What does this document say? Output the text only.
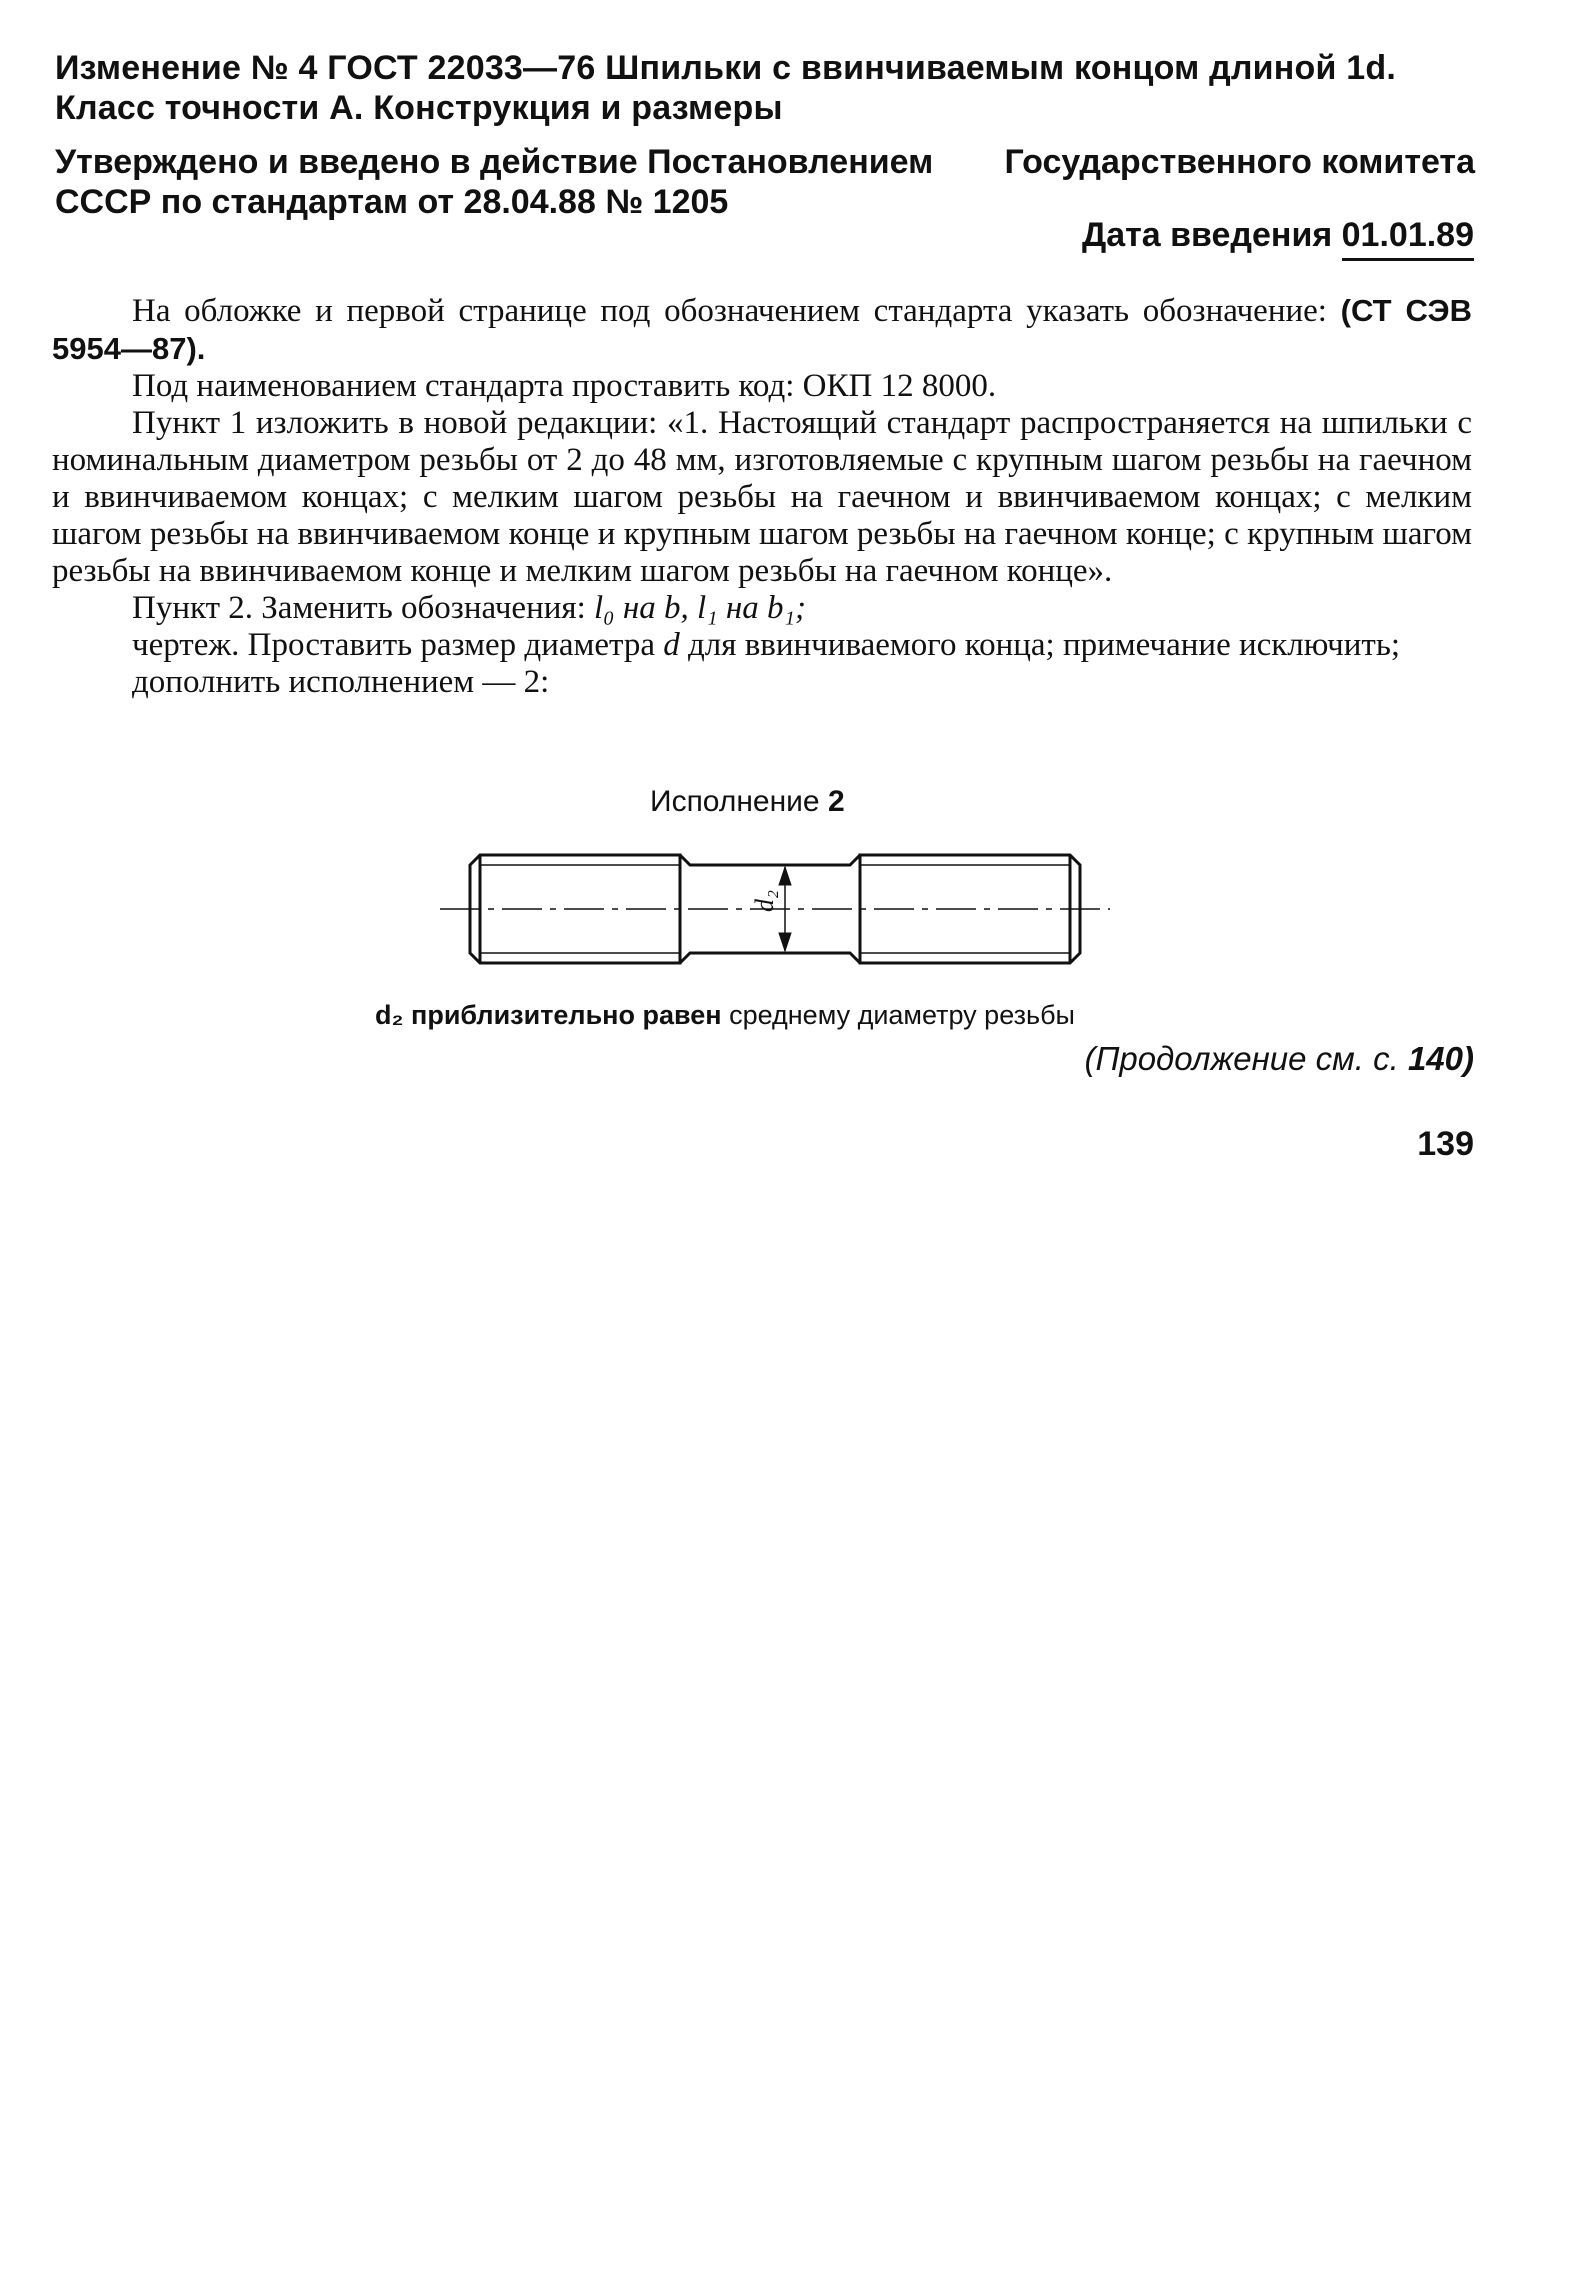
Изменение № 4 ГОСТ 22033—76 Шпильки с ввинчиваемым концом длиной 1d. Класс точности А. Конструкция и размеры
Утверждено и введено в действие Постановлением Государственного комитета
СССР по стандартам от 28.04.88 № 1205
Дата введения 01.01.89

На обложке и первой странице под обозначением стандарта указать обозначение: (СТ СЭВ 5954—87).

Под наименованием стандарта проставить код: ОКП 12 8000.

Пункт 1 изложить в новой редакции: «1. Настоящий стандарт распространяется на шпильки с номинальным диаметром резьбы от 2 до 48 мм, изготовляемые с крупным шагом резьбы на гаечном и ввинчиваемом концах; с мелким шагом резьбы на гаечном и ввинчиваемом концах; с мелким шагом резьбы на ввинчиваемом конце и крупным шагом резьбы на гаечном конце; с крупным шагом резьбы на ввинчиваемом конце и мелким шагом резьбы на гаечном конце».

Пункт 2. Заменить обозначения: l₀ на b, l₁ на b₁;

чертеж. Проставить размер диаметра d для ввинчиваемого конца; примечание исключить;

дополнить исполнением — 2:

Исполнение 2
d₂
d₂ приблизительно равен среднему диаметру резьбы
(Продолжение см. с. 140)
139
